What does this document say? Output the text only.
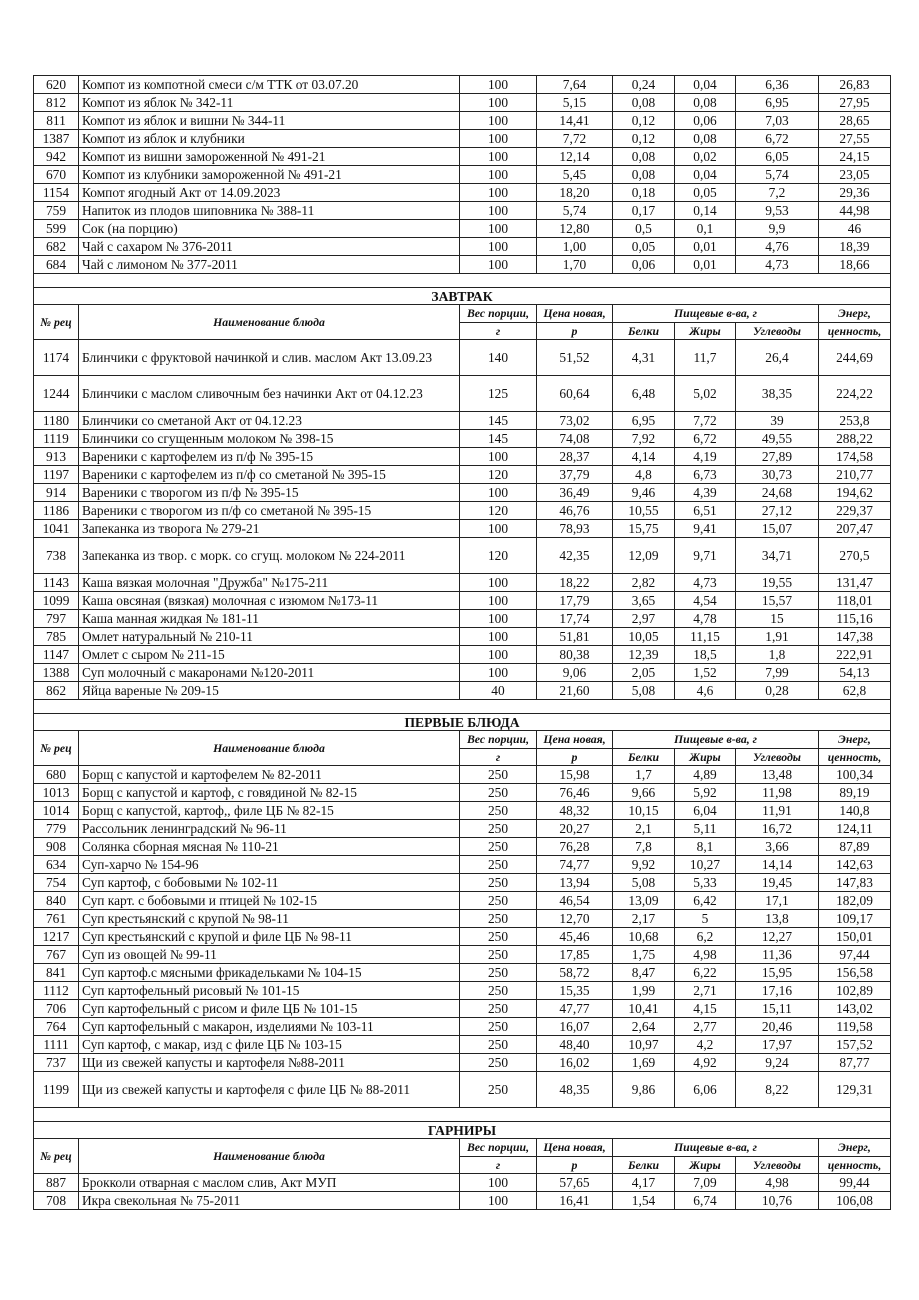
620	Компот из компотной смеси с/м ТТК от 03.07.20	100	7,64	0,24	0,04	6,36	26,83
812	Компот из яблок № 342-11	100	5,15	0,08	0,08	6,95	27,95
811	Компот из яблок и вишни № 344-11	100	14,41	0,12	0,06	7,03	28,65
1387	Компот из яблок и клубники	100	7,72	0,12	0,08	6,72	27,55
942	Компот из вишни замороженной № 491-21	100	12,14	0,08	0,02	6,05	24,15
670	Компот из клубники замороженной № 491-21	100	5,45	0,08	0,04	5,74	23,05
1154	Компот ягодный Акт от 14.09.2023	100	18,20	0,18	0,05	7,2	29,36
759	Напиток из плодов шиповника № 388-11	100	5,74	0,17	0,14	9,53	44,98
599	Сок (на порцию)	100	12,80	0,5	0,1	9,9	46
682	Чай с сахаром № 376-2011	100	1,00	0,05	0,01	4,76	18,39
684	Чай с лимоном № 377-2011	100	1,70	0,06	0,01	4,73	18,66

ЗАВТРАК							
№ рец	Наименование блюда	Вес порции,	Цена новая,	Пищевые в-ва, г			Энерг,
		г	р	Белки	Жиры	Углеводы	ценность,
1174	Блинчики с фруктовой начинкой и слив. маслом Акт 13.09.23	140	51,52	4,31	11,7	26,4	244,69
1244	Блинчики с маслом сливочным без начинки Акт от 04.12.23	125	60,64	6,48	5,02	38,35	224,22
1180	Блинчики со сметаной Акт от 04.12.23	145	73,02	6,95	7,72	39	253,8
1119	Блинчики со сгущенным молоком № 398-15	145	74,08	7,92	6,72	49,55	288,22
913	Вареники с картофелем из п/ф № 395-15	100	28,37	4,14	4,19	27,89	174,58
1197	Вареники с картофелем из п/ф со сметаной № 395-15	120	37,79	4,8	6,73	30,73	210,77
914	Вареники с творогом из п/ф № 395-15	100	36,49	9,46	4,39	24,68	194,62
1186	Вареники с творогом из п/ф со сметаной № 395-15	120	46,76	10,55	6,51	27,12	229,37
1041	Запеканка из творога № 279-21	100	78,93	15,75	9,41	15,07	207,47
738	Запеканка из твор. с морк. со сгущ. молоком № 224-2011	120	42,35	12,09	9,71	34,71	270,5
1143	Каша вязкая молочная "Дружба" №175-211	100	18,22	2,82	4,73	19,55	131,47
1099	Каша овсяная (вязкая) молочная с изюмом №173-11	100	17,79	3,65	4,54	15,57	118,01
797	Каша манная жидкая № 181-11	100	17,74	2,97	4,78	15	115,16
785	Омлет натуральный № 210-11	100	51,81	10,05	11,15	1,91	147,38
1147	Омлет с сыром № 211-15	100	80,38	12,39	18,5	1,8	222,91
1388	Суп молочный с макаронами №120-2011	100	9,06	2,05	1,52	7,99	54,13
862	Яйца вареные № 209-15	40	21,60	5,08	4,6	0,28	62,8

ПЕРВЫЕ БЛЮДА							
№ рец	Наименование блюда	Вес порции,	Цена новая,	Пищевые в-ва, г			Энерг,
		г	р	Белки	Жиры	Углеводы	ценность,
680	Борщ с капустой и картофелем № 82-2011	250	15,98	1,7	4,89	13,48	100,34
1013	Борщ с капустой и картоф, с говядиной № 82-15	250	76,46	9,66	5,92	11,98	89,19
1014	Борщ с капустой, картоф,, филе ЦБ № 82-15	250	48,32	10,15	6,04	11,91	140,8
779	Рассольник ленинградский № 96-11	250	20,27	2,1	5,11	16,72	124,11
908	Солянка сборная мясная № 110-21	250	76,28	7,8	8,1	3,66	87,89
634	Суп-харчо № 154-96	250	74,77	9,92	10,27	14,14	142,63
754	Суп картоф, с бобовыми № 102-11	250	13,94	5,08	5,33	19,45	147,83
840	Суп карт. с бобовыми и птицей № 102-15	250	46,54	13,09	6,42	17,1	182,09
761	Суп крестьянский с крупой № 98-11	250	12,70	2,17	5	13,8	109,17
1217	Суп крестьянский с крупой и филе ЦБ № 98-11	250	45,46	10,68	6,2	12,27	150,01
767	Суп из овощей № 99-11	250	17,85	1,75	4,98	11,36	97,44
841	Суп картоф.с мясными фрикадельками № 104-15	250	58,72	8,47	6,22	15,95	156,58
1112	Суп картофельный рисовый № 101-15	250	15,35	1,99	2,71	17,16	102,89
706	Суп картофельный с рисом и филе ЦБ № 101-15	250	47,77	10,41	4,15	15,11	143,02
764	Суп картофельный с макарон, изделиями № 103-11	250	16,07	2,64	2,77	20,46	119,58
1111	Суп картоф, с макар, изд с филе ЦБ № 103-15	250	48,40	10,97	4,2	17,97	157,52
737	Щи из свежей капусты и картофеля №88-2011	250	16,02	1,69	4,92	9,24	87,77
1199	Щи из свежей капусты и картофеля с филе ЦБ № 88-2011	250	48,35	9,86	6,06	8,22	129,31

ГАРНИРЫ							
№ рец	Наименование блюда	Вес порции,	Цена новая,	Пищевые в-ва, г			Энерг,
		г	р	Белки	Жиры	Углеводы	ценность,
887	Брокколи отварная с маслом слив, Акт МУП	100	57,65	4,17	7,09	4,98	99,44
708	Икра свекольная № 75-2011	100	16,41	1,54	6,74	10,76	106,08
